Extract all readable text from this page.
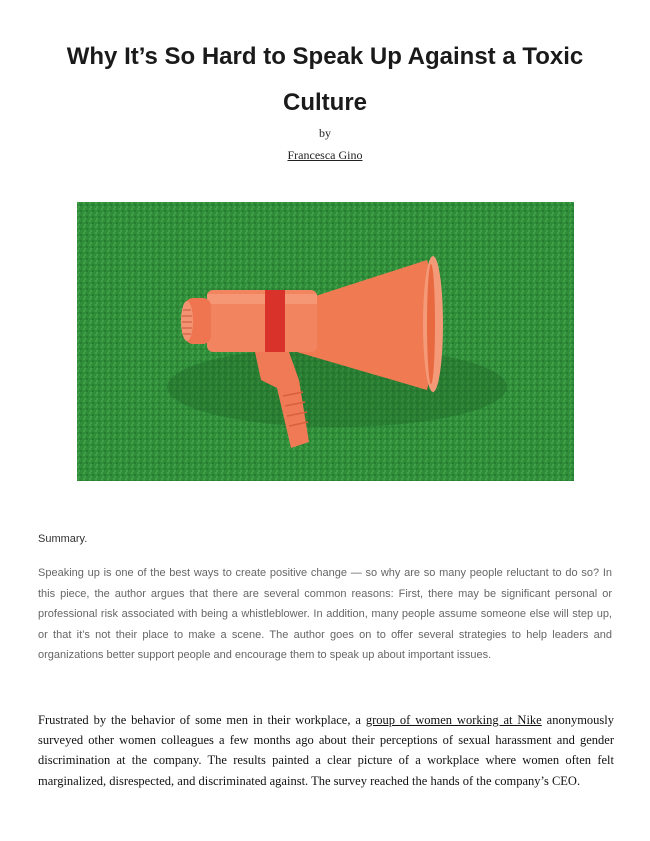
Why It’s So Hard to Speak Up Against a Toxic Culture
by
Francesca Gino
Summary.

Speaking up is one of the best ways to create positive change — so why are so many people reluctant to do so? In this piece, the author argues that there are several common reasons: First, there may be significant personal or professional risk associated with being a whistleblower. In addition, many people assume someone else will step up, or that it’s not their place to make a scene. The author goes on to offer several strategies to help leaders and organizations better support people and encourage them to speak up about important issues.

Frustrated by the behavior of some men in their workplace, a group of women working at Nike anonymously surveyed other women colleagues a few months ago about their perceptions of sexual harassment and gender discrimination at the company. The results painted a clear picture of a workplace where women often felt marginalized, disrespected, and discriminated against. The survey reached the hands of the company’s CEO.
